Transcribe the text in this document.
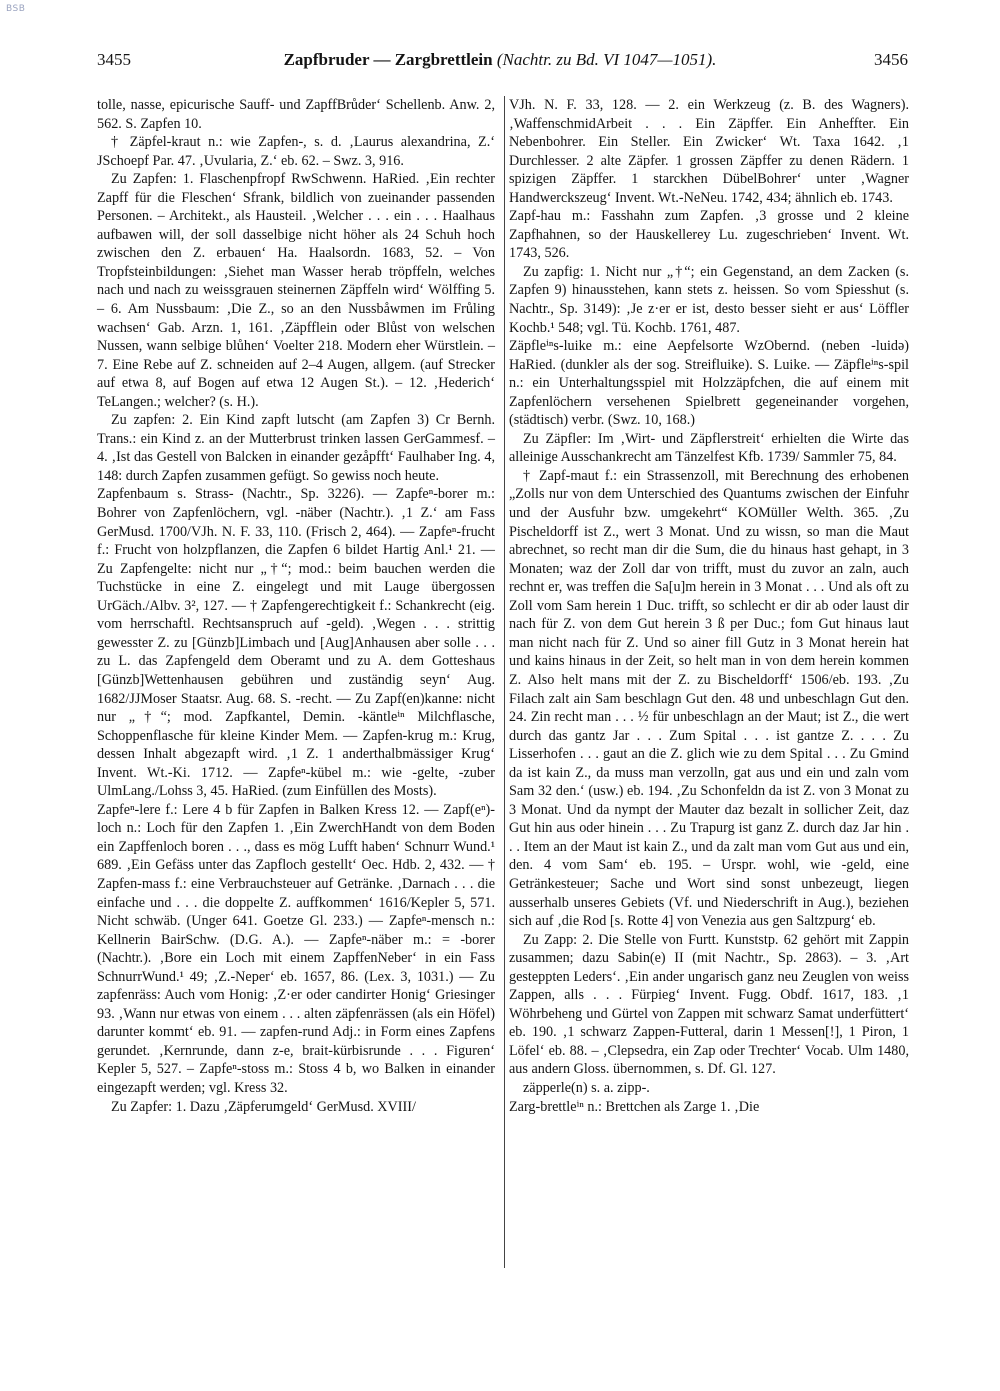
BSB
3455	Zapfbruder — Zargbrettlein (Nachtr. zu Bd. VI 1047—1051).	3456

tolle, nasse, epicurische Sauff- und ZapffBrůder‘ Schellenb. Anw. 2, 562. S. Zapfen 10.

† Zäpfel-kraut n.: wie Zapfen-, s. d. ‚Laurus alexandrina, Z.‘ JSchoepf Par. 47. ‚Uvularia, Z.‘ eb. 62. – Swz. 3, 916.

Zu Zapfen: 1. Flaschenpfropf RwSchwenn. HaRied. ‚Ein rechter Zapff für die Fleschen‘ Sfrank, bildlich von zueinander passenden Personen. – Architekt., als Hausteil. ‚Welcher . . . ein . . . Haalhaus aufbawen will, der soll dasselbige nicht höher als 24 Schuh hoch zwischen den Z. erbauen‘ Ha. Haalsordn. 1683, 52. – Von Tropfsteinbildungen: ‚Siehet man Wasser herab tröpffeln, welches nach und nach zu weissgrauen steinernen Zäpffeln wird‘ Wölffing 5. – 6. Am Nussbaum: ‚Die Z., so an den Nussbåwmen im Frůling wachsen‘ Gab. Arzn. 1, 161. ‚Zäpfflein oder Blůst von welschen Nussen, wann selbige blůhen‘ Voelter 218. Modern eher Würstlein. – 7. Eine Rebe auf Z. schneiden auf 2–4 Augen, allgem. (auf Strecker auf etwa 8, auf Bogen auf etwa 12 Augen St.). – 12. ‚Hederich‘ TeLangen.; welcher? (s. H.).

Zu zapfen: 2. Ein Kind zapft lutscht (am Zapfen 3) Cr Bernh. Trans.: ein Kind z. an der Mutterbrust trinken lassen GerGammesf. – 4. ‚Ist das Gestell von Balcken in einander gezåpfft‘ Faulhaber Ing. 4, 148: durch Zapfen zusammen gefügt. So gewiss noch heute.

Zapfenbaum s. Strass- (Nachtr., Sp. 3226). — Zapfeⁿ-borer m.: Bohrer von Zapfenlöchern, vgl. -näber (Nachtr.). ‚1 Z.‘ am Fass GerMusd. 1700/VJh. N. F. 33, 110. (Frisch 2, 464). — Zapfeⁿ-frucht f.: Frucht von holzpflanzen, die Zapfen 6 bildet Hartig Anl.¹ 21. — Zu Zapfengelte: nicht nur „†“; mod.: beim bauchen werden die Tuchstücke in eine Z. eingelegt und mit Lauge übergossen UrGäch./Albv. 3², 127. — † Zapfengerechtigkeit f.: Schankrecht (eig. vom herrschaftl. Rechtsanspruch auf -geld). ‚Wegen . . . strittig gewesster Z. zu [Günzb]Limbach und [Aug]Anhausen aber solle . . . zu L. das Zapfengeld dem Oberamt und zu A. dem Gotteshaus [Günzb]Wettenhausen gebühren und zuständig seyn‘ Aug. 1682/JJMoser Staatsr. Aug. 68. S. -recht. — Zu Zapf(en)kanne: nicht nur „†“; mod. Zapfkantel, Demin. -käntleⁱⁿ Milchflasche, Schoppenflasche für kleine Kinder Mem. — Zapfen-krug m.: Krug, dessen Inhalt abgezapft wird. ‚1 Z. 1 anderthalbmässiger Krug‘ Invent. Wt.-Ki. 1712. — Zapfeⁿ-kübel m.: wie -gelte, -zuber UlmLang./Lohss 3, 45. HaRied. (zum Einfüllen des Mosts).

Zapfeⁿ-lere f.: Lere 4 b für Zapfen in Balken Kress 12. — Zapf(eⁿ)-loch n.: Loch für den Zapfen 1. ‚Ein ZwerchHandt von dem Boden ein Zapffenloch boren . . ., dass es mög Lufft haben‘ Schnurr Wund.¹ 689. ‚Ein Gefäss unter das Zapfloch gestellt‘ Oec. Hdb. 2, 432. — † Zapfen-mass f.: eine Verbrauchsteuer auf Getränke. ‚Darnach . . . die einfache und . . . die doppelte Z. auffkommen‘ 1616/Kepler 5, 571. Nicht schwäb. (Unger 641. Goetze Gl. 233.) — Zapfeⁿ-mensch n.: Kellnerin BairSchw. (D.G. A.). — Zapfeⁿ-näber m.: = -borer (Nachtr.). ‚Bore ein Loch mit einem ZapffenNeber‘ in ein Fass SchnurrWund.¹ 49; ‚Z.-Neper‘ eb. 1657, 86. (Lex. 3, 1031.) — Zu zapfenräss: Auch vom Honig: ‚Z·er oder candirter Honig‘ Griesinger 93. ‚Wann nur etwas von einem . . . alten zäpfenrässen (als ein Höfel) darunter kommt‘ eb. 91. — zapfen-rund Adj.: in Form eines Zapfens gerundet. ‚Kernrunde, dann z-e, brait-kürbisrunde . . . Figuren‘ Kepler 5, 527. – Zapfeⁿ-stoss m.: Stoss 4 b, wo Balken in einander eingezapft werden; vgl. Kress 32.

Zu Zapfer: 1. Dazu ‚Zäpferumgeld‘ GerMusd. XVIII/

VJh. N. F. 33, 128. — 2. ein Werkzeug (z. B. des Wagners). ‚WaffenschmidArbeit . . . Ein Zäpffer. Ein Anheffter. Ein Nebenbohrer. Ein Steller. Ein Zwicker‘ Wt. Taxa 1642. ‚1 Durchlesser. 2 alte Zäpfer. 1 grossen Zäpffer zu denen Rädern. 1 spizigen Zäpffer. 1 starckhen DübelBohrer‘ unter ‚Wagner Handwerckszeug‘ Invent. Wt.-NeNeu. 1742, 434; ähnlich eb. 1743.

Zapf-hau m.: Fasshahn zum Zapfen. ‚3 grosse und 2 kleine Zapfhahnen, so der Hauskellerey Lu. zugeschrieben‘ Invent. Wt. 1743, 526.

Zu zapfig: 1. Nicht nur „†“; ein Gegenstand, an dem Zacken (s. Zapfen 9) hinausstehen, kann stets z. heissen. So vom Spiesshut (s. Nachtr., Sp. 3149): ‚Je z·er er ist, desto besser sieht er aus‘ Löffler Kochb.¹ 548; vgl. Tü. Kochb. 1761, 487.

Zäpfleⁱⁿs-luike m.: eine Aepfelsorte WzObernd. (neben -luidə) HaRied. (dunkler als der sog. Streifluike). S. Luike. — Zäpfleⁱⁿs-spil n.: ein Unterhaltungsspiel mit Holzzäpfchen, die auf einem mit Zapfenlöchern versehenen Spielbrett gegeneinander vorgehen, (städtisch) verbr. (Swz. 10, 168.)

Zu Zäpfler: Im ‚Wirt- und Zäpflerstreit‘ erhielten die Wirte das alleinige Ausschankrecht am Tänzelfest Kfb. 1739/ Sammler 75, 84.

† Zapf-maut f.: ein Strassenzoll, mit Berechnung des erhobenen „Zolls nur von dem Unterschied des Quantums zwischen der Einfuhr und der Ausfuhr bzw. umgekehrt“ KOMüller Welth. 365. ‚Zu Pischeldorff ist Z., wert 3 Monat. Und zu wissn, so man die Maut abrechnet, so recht man dir die Sum, die du hinaus hast gehapt, in 3 Monaten; waz der Zoll dar von trifft, must du zuvor an zaln, auch rechnt er, was treffen die Sa[u]m herein in 3 Monat . . . Und als oft zu Zoll vom Sam herein 1 Duc. trifft, so schlecht er dir ab oder laust dir nach für Z. von dem Gut herein 3 ß per Duc.; fom Gut hinaus laut man nicht nach für Z. Und so ainer fill Gutz in 3 Monat herein hat und kains hinaus in der Zeit, so helt man in von dem herein kommen Z. Also helt mans mit der Z. zu Bischeldorff‘ 1506/eb. 193. ‚Zu Filach zalt ain Sam beschlagn Gut den. 48 und unbeschlagn Gut den. 24. Zin recht man . . . ½ für unbeschlagn an der Maut; ist Z., die wert durch das gantz Jar . . . Zum Spital . . . ist gantze Z. . . . Zu Lisserhofen . . . gaut an die Z. glich wie zu dem Spital . . . Zu Gmind da ist kain Z., da muss man verzolln, gat aus und ein und zaln vom Sam 32 den.‘ (usw.) eb. 194. ‚Zu Schonfeldn da ist Z. von 3 Monat zu 3 Monat. Und da nympt der Mauter daz bezalt in sollicher Zeit, daz Gut hin aus oder hinein . . . Zu Trapurg ist ganz Z. durch daz Jar hin . . . Item an der Maut ist kain Z., und da zalt man vom Gut aus und ein, den. 4 vom Sam‘ eb. 195. – Urspr. wohl, wie -geld, eine Getränkesteuer; Sache und Wort sind sonst unbezeugt, liegen ausserhalb unseres Gebiets (Vf. und Niederschrift in Aug.), beziehen sich auf ‚die Rod [s. Rotte 4] von Venezia aus gen Saltzpurg‘ eb.

Zu Zapp: 2. Die Stelle von Furtt. Kunststp. 62 gehört mit Zappin zusammen; dazu Sabin(e) II (mit Nachtr., Sp. 2863). – 3. ‚Art gesteppten Leders‘. ‚Ein ander ungarisch ganz neu Zeuglen von weiss Zappen, alls . . . Fürpieg‘ Invent. Fugg. Obdf. 1617, 183. ‚1 Wöhrbeheng und Gürtel von Zappen mit schwarz Samat underfüttert‘ eb. 190. ‚1 schwarz Zappen-Futteral, darin 1 Messen[!], 1 Piron, 1 Löfel‘ eb. 88. – ‚Clepsedra, ein Zap oder Trechter‘ Vocab. Ulm 1480, aus andern Gloss. übernommen, s. Df. Gl. 127.

zäpperle(n) s. a. zipp-.

Zarg-brettleⁱⁿ n.: Brettchen als Zarge 1. ‚Die
